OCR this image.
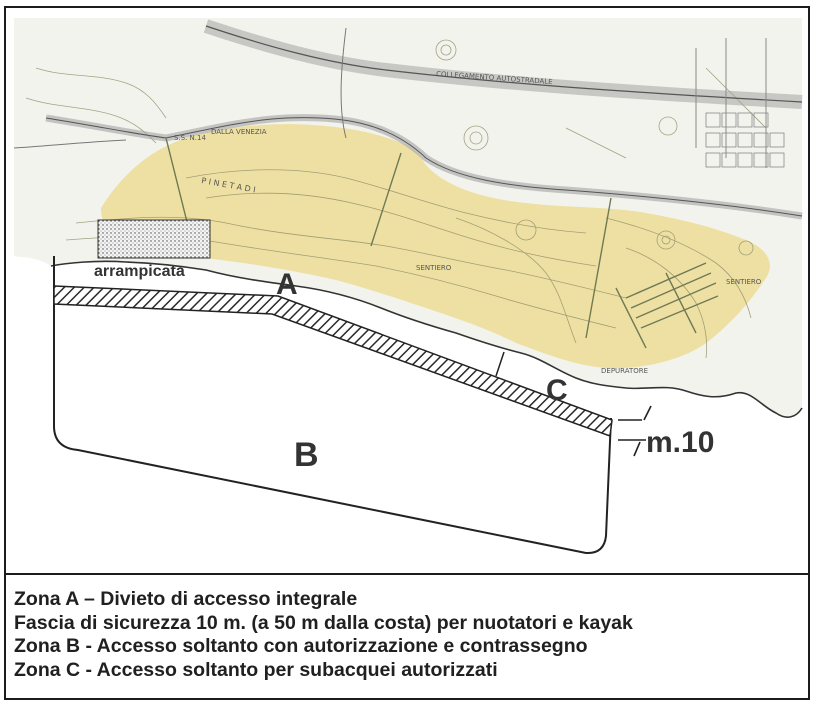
COLLEGAMENTO AUTOSTRADALE
S.S. N.14
DALLA VENEZIA
P I N E T A D I
SENTIERO
SENTIERO
DEPURATORE
arrampicata	A
B
C
m.10
Zona A – Divieto di accesso integrale
Fascia di sicurezza 10 m. (a 50 m dalla costa) per nuotatori e kayak
Zona B - Accesso soltanto con autorizzazione e contrassegno
Zona C - Accesso soltanto per subacquei autorizzati
